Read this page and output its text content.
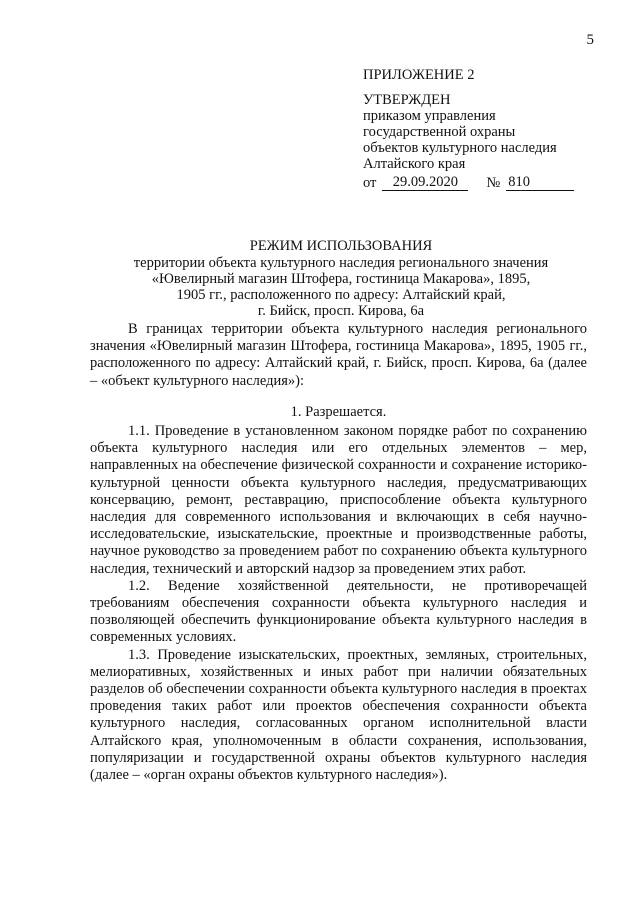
5
ПРИЛОЖЕНИЕ 2
УТВЕРЖДЕН
приказом управления
государственной охраны
объектов культурного наследия
Алтайского края
от	29.09.2020	№ 810
РЕЖИМ ИСПОЛЬЗОВАНИЯ
территории объекта культурного наследия регионального значения
«Ювелирный магазин Штофера, гостиница Макарова», 1895,
1905 гг., расположенного по адресу: Алтайский край,
г. Бийск, просп. Кирова, 6а

В границах территории объекта культурного наследия регионального значения «Ювелирный магазин Штофера, гостиница Макарова», 1895, 1905 гг., расположенного по адресу: Алтайский край, г. Бийск, просп. Кирова, 6а (далее – «объект культурного наследия»):

1. Разрешается.

1.1. Проведение в установленном законом порядке работ по сохранению объекта культурного наследия или его отдельных элементов – мер, направленных на обеспечение физической сохранности и сохранение историко-культурной ценности объекта культурного наследия, предусматривающих консервацию, ремонт, реставрацию, приспособление объекта культурного наследия для современного использования и включающих в себя научно-исследовательские, изыскательские, проектные и производственные работы, научное руководство за проведением работ по сохранению объекта культурного наследия, технический и авторский надзор за проведением этих работ.

1.2. Ведение хозяйственной деятельности, не противоречащей требованиям обеспечения сохранности объекта культурного наследия и позволяющей обеспечить функционирование объекта культурного наследия в современных условиях.

1.3. Проведение изыскательских, проектных, земляных, строительных, мелиоративных, хозяйственных и иных работ при наличии обязательных разделов об обеспечении сохранности объекта культурного наследия в проектах проведения таких работ или проектов обеспечения сохранности объекта культурного наследия, согласованных органом исполнительной власти Алтайского края, уполномоченным в области сохранения, использования, популяризации и государственной охраны объектов культурного наследия (далее – «орган охраны объектов культурного наследия»).
